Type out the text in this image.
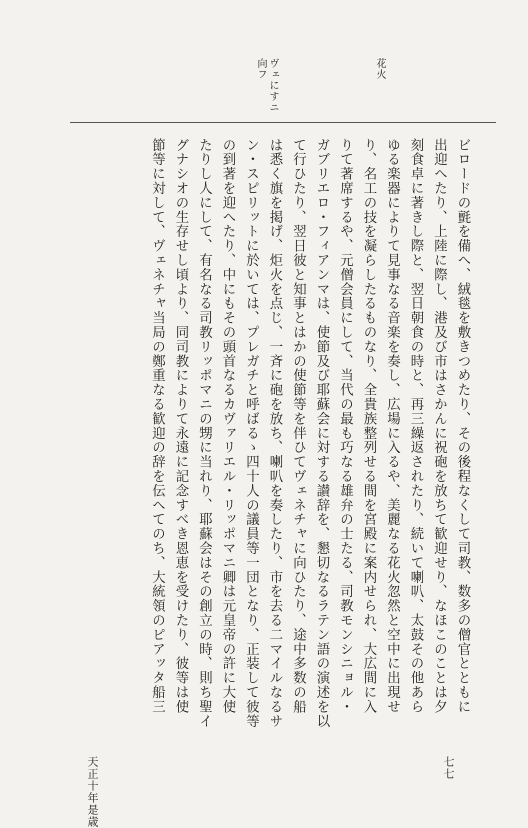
花火
ヴェにすニ
向フ
ビロードの氈を備へ、絨毯を敷きつめたり、その後程なくして司教、数多の僧官とともに
出迎へたり、上陸に際し、港及び市はさかんに祝砲を放ちて歓迎せり、なほこのことは夕
刻食卓に著きし際と、翌日朝食の時と、再三繰返されたり、続いて喇叭、太鼓その他あら
ゆる楽器によりて見事なる音楽を奏し、広場に入るや、美麗なる花火忽然と空中に出現せ
り、名工の技を凝らしたるものなり、全貴族整列せる間を宮殿に案内せられ、大広間に入
りて著席するや、元僧会員にして、当代の最も巧なる雄弁の士たる、司教モンシニョル・
ガブリエロ・フィアンマは、使節及び耶蘇会に対する讃辞を、懇切なるラテン語の演述を以
て行ひたり、翌日彼と知事とはかの使節等を伴ひてヴェネチャに向ひたり、途中多数の船
は悉く旗を掲げ、炬火を点じ、一斉に砲を放ち、喇叭を奏したり、市を去る二マイルなるサ
ン・スピリットに於いては、プレガチと呼ばるゝ四十人の議員等一団となり、正装して彼等
の到著を迎へたり、中にもその頭首なるカヴァリエル・リッポマニ卿は元皇帝の許に大使
たりし人にして、有名なる司教リッポマニの甥に当れり、耶蘇会はその創立の時、則ち聖イ
グナシオの生存せし頃より、同司教によりて永遠に記念すべき恩恵を受けたり、彼等は使
節等に対して、ヴェネチャ当局の鄭重なる歓迎の辞を伝へてのち、大統領のピアッタ船三
天正十年是歳	七七
